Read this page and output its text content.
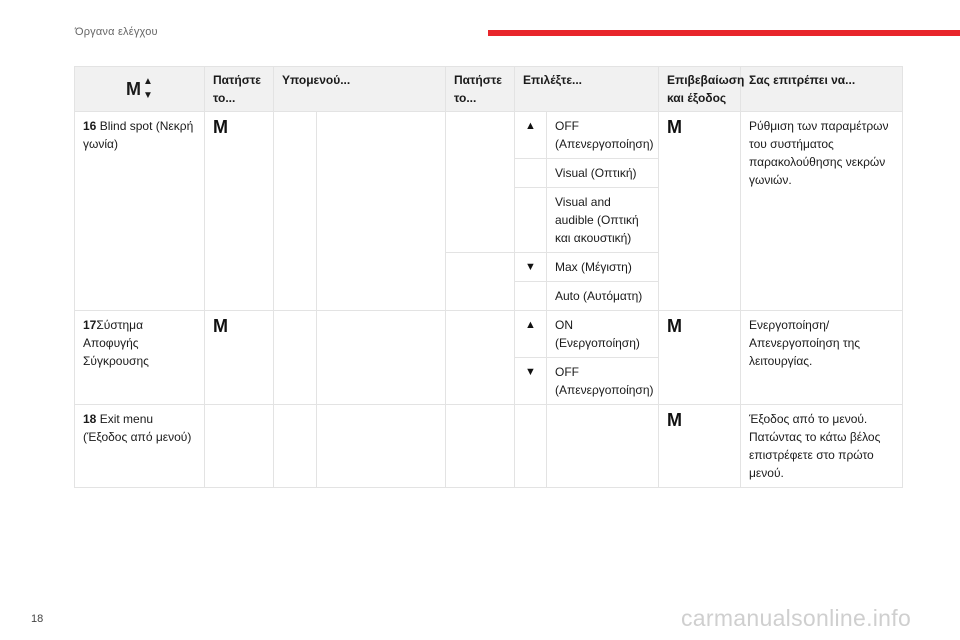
Όργανα ελέγχου
M ▲
▼	Πατήστε το...	Υπομενού...		Πατήστε το...	Επιλέξτε...		Επιβεβαίωση και έξοδος	Σας επιτρέπει να...
16 Blind spot (Νεκρή γωνία)	M				▲	OFF (Απενεργοποίηση)	M	Ρύθμιση των παραμέτρων του συστήματος παρακολούθησης νεκρών γωνιών.
						Visual (Οπτική)		
						Visual and audible (Οπτική και ακουστική)		
					▼	Max (Μέγιστη)		
						Auto (Αυτόματη)		
17Σύστημα Αποφυγής Σύγκρουσης	M				▲	ON (Ενεργοποίηση)	M	Ενεργοποίηση/ Απενεργοποίηση της λειτουργίας.
					▼	OFF (Απενεργοποίηση)		
18 Exit menu (Έξοδος από μενού)							M	Έξοδος από το μενού. Πατώντας το κάτω βέλος επιστρέφετε στο πρώτο μενού.
18	carmanualsonline.info
